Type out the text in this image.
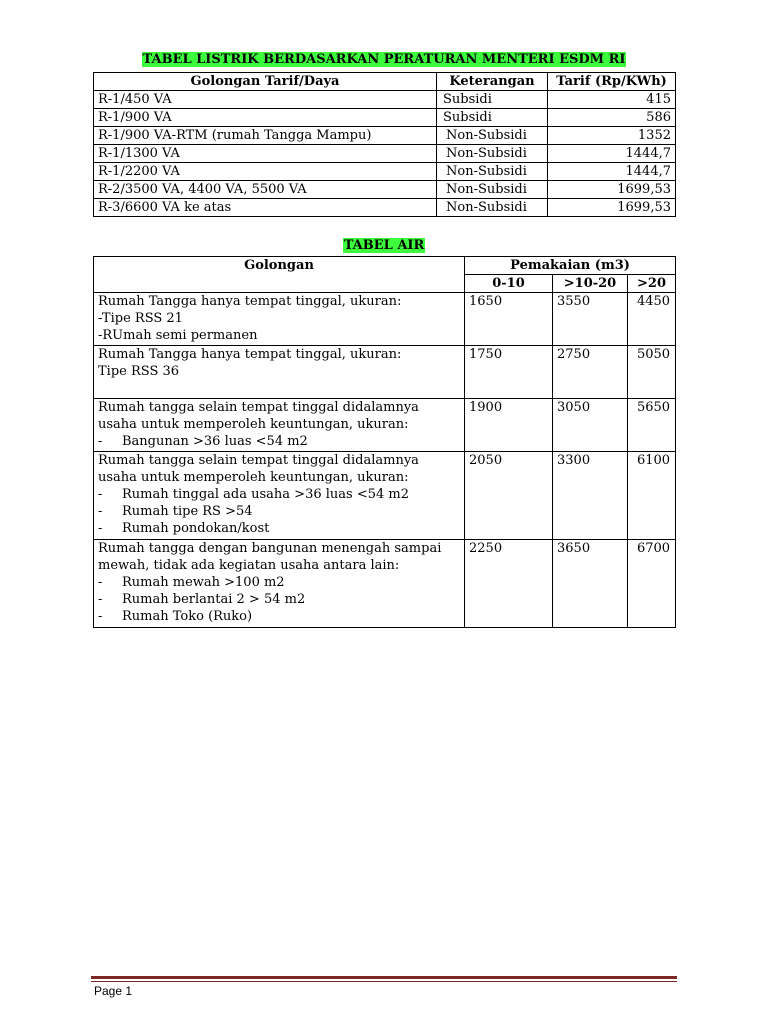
TABEL LISTRIK BERDASARKAN PERATURAN MENTERI ESDM RI
Golongan Tarif/Daya	Keterangan	Tarif (Rp/KWh)
R-1/450 VA	Subsidi	415
R-1/900 VA	Subsidi	586
R-1/900 VA-RTM (rumah Tangga Mampu)	Non-Subsidi	1352
R-1/1300 VA	Non-Subsidi	1444,7
R-1/2200 VA	Non-Subsidi	1444,7
R-2/3500 VA, 4400 VA, 5500 VA	Non-Subsidi	1699,53
R-3/6600 VA ke atas	Non-Subsidi	1699,53
TABEL AIR
Golongan	Pemakaian (m3)		
	0-10	>10-20	>20

Rumah Tangga hanya tempat tinggal, ukuran:
-Tipe RSS 21
-RUmah semi permanen	1650	3550	4450

Rumah Tangga hanya tempat tinggal, ukuran:
Tipe RSS 36	1750	2750	5050

Rumah tangga selain tempat tinggal didalamnya
usaha untuk memperoleh keuntungan, ukuran:
- Bangunan >36 luas <54 m2	1900	3050	5650

Rumah tangga selain tempat tinggal didalamnya
usaha untuk memperoleh keuntungan, ukuran:
- Rumah tinggal ada usaha >36 luas <54 m2
- Rumah tipe RS >54
- Rumah pondokan/kost	2050	3300	6100

Rumah tangga dengan bangunan menengah sampai
mewah, tidak ada kegiatan usaha antara lain:
- Rumah mewah >100 m2
- Rumah berlantai 2 > 54 m2
- Rumah Toko (Ruko)	2250	3650	6700
Page 1
